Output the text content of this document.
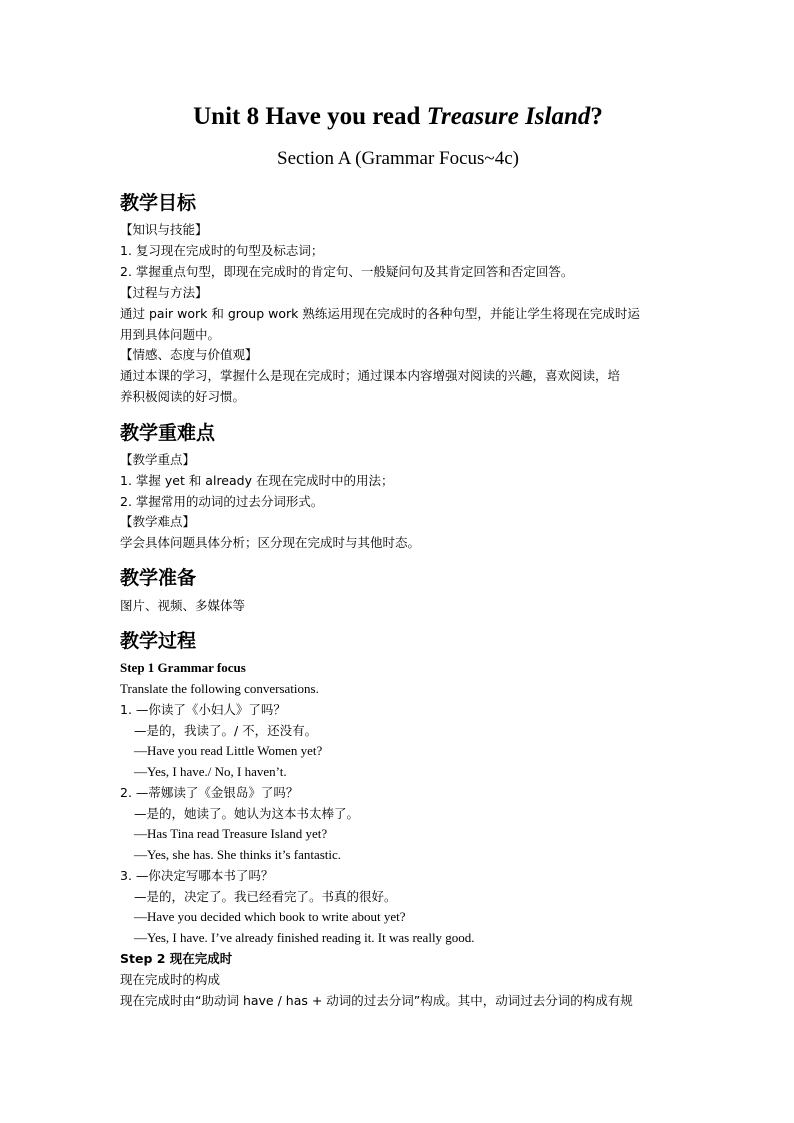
Unit 8 Have you read Treasure Island?
Section A (Grammar Focus~4c)
教学目标
【知识与技能】
1. 复习现在完成时的句型及标志词；
2. 掌握重点句型，即现在完成时的肯定句、一般疑问句及其肯定回答和否定回答。
【过程与方法】
通过 pair work 和 group work 熟练运用现在完成时的各种句型，并能让学生将现在完成时运
用到具体问题中。
【情感、态度与价值观】
通过本课的学习，掌握什么是现在完成时；通过课本内容增强对阅读的兴趣，喜欢阅读，培
养积极阅读的好习惯。
教学重难点
【教学重点】
1. 掌握 yet 和 already 在现在完成时中的用法；
2. 掌握常用的动词的过去分词形式。
【教学难点】
学会具体问题具体分析；区分现在完成时与其他时态。
教学准备
图片、视频、多媒体等
教学过程
Step 1 Grammar focus
Translate the following conversations.
1. —你读了《小妇人》了吗？
—是的，我读了。/ 不，还没有。
—Have you read Little Women yet?
—Yes, I have./ No, I haven’t.
2. —蒂娜读了《金银岛》了吗？
—是的，她读了。她认为这本书太棒了。
—Has Tina read Treasure Island yet?
—Yes, she has. She thinks it’s fantastic.
3. —你决定写哪本书了吗？
—是的，决定了。我已经看完了。书真的很好。
—Have you decided which book to write about yet?
—Yes, I have. I’ve already finished reading it. It was really good.
Step 2 现在完成时
现在完成时的构成
现在完成时由“助动词 have / has + 动词的过去分词”构成。其中，动词过去分词的构成有规
